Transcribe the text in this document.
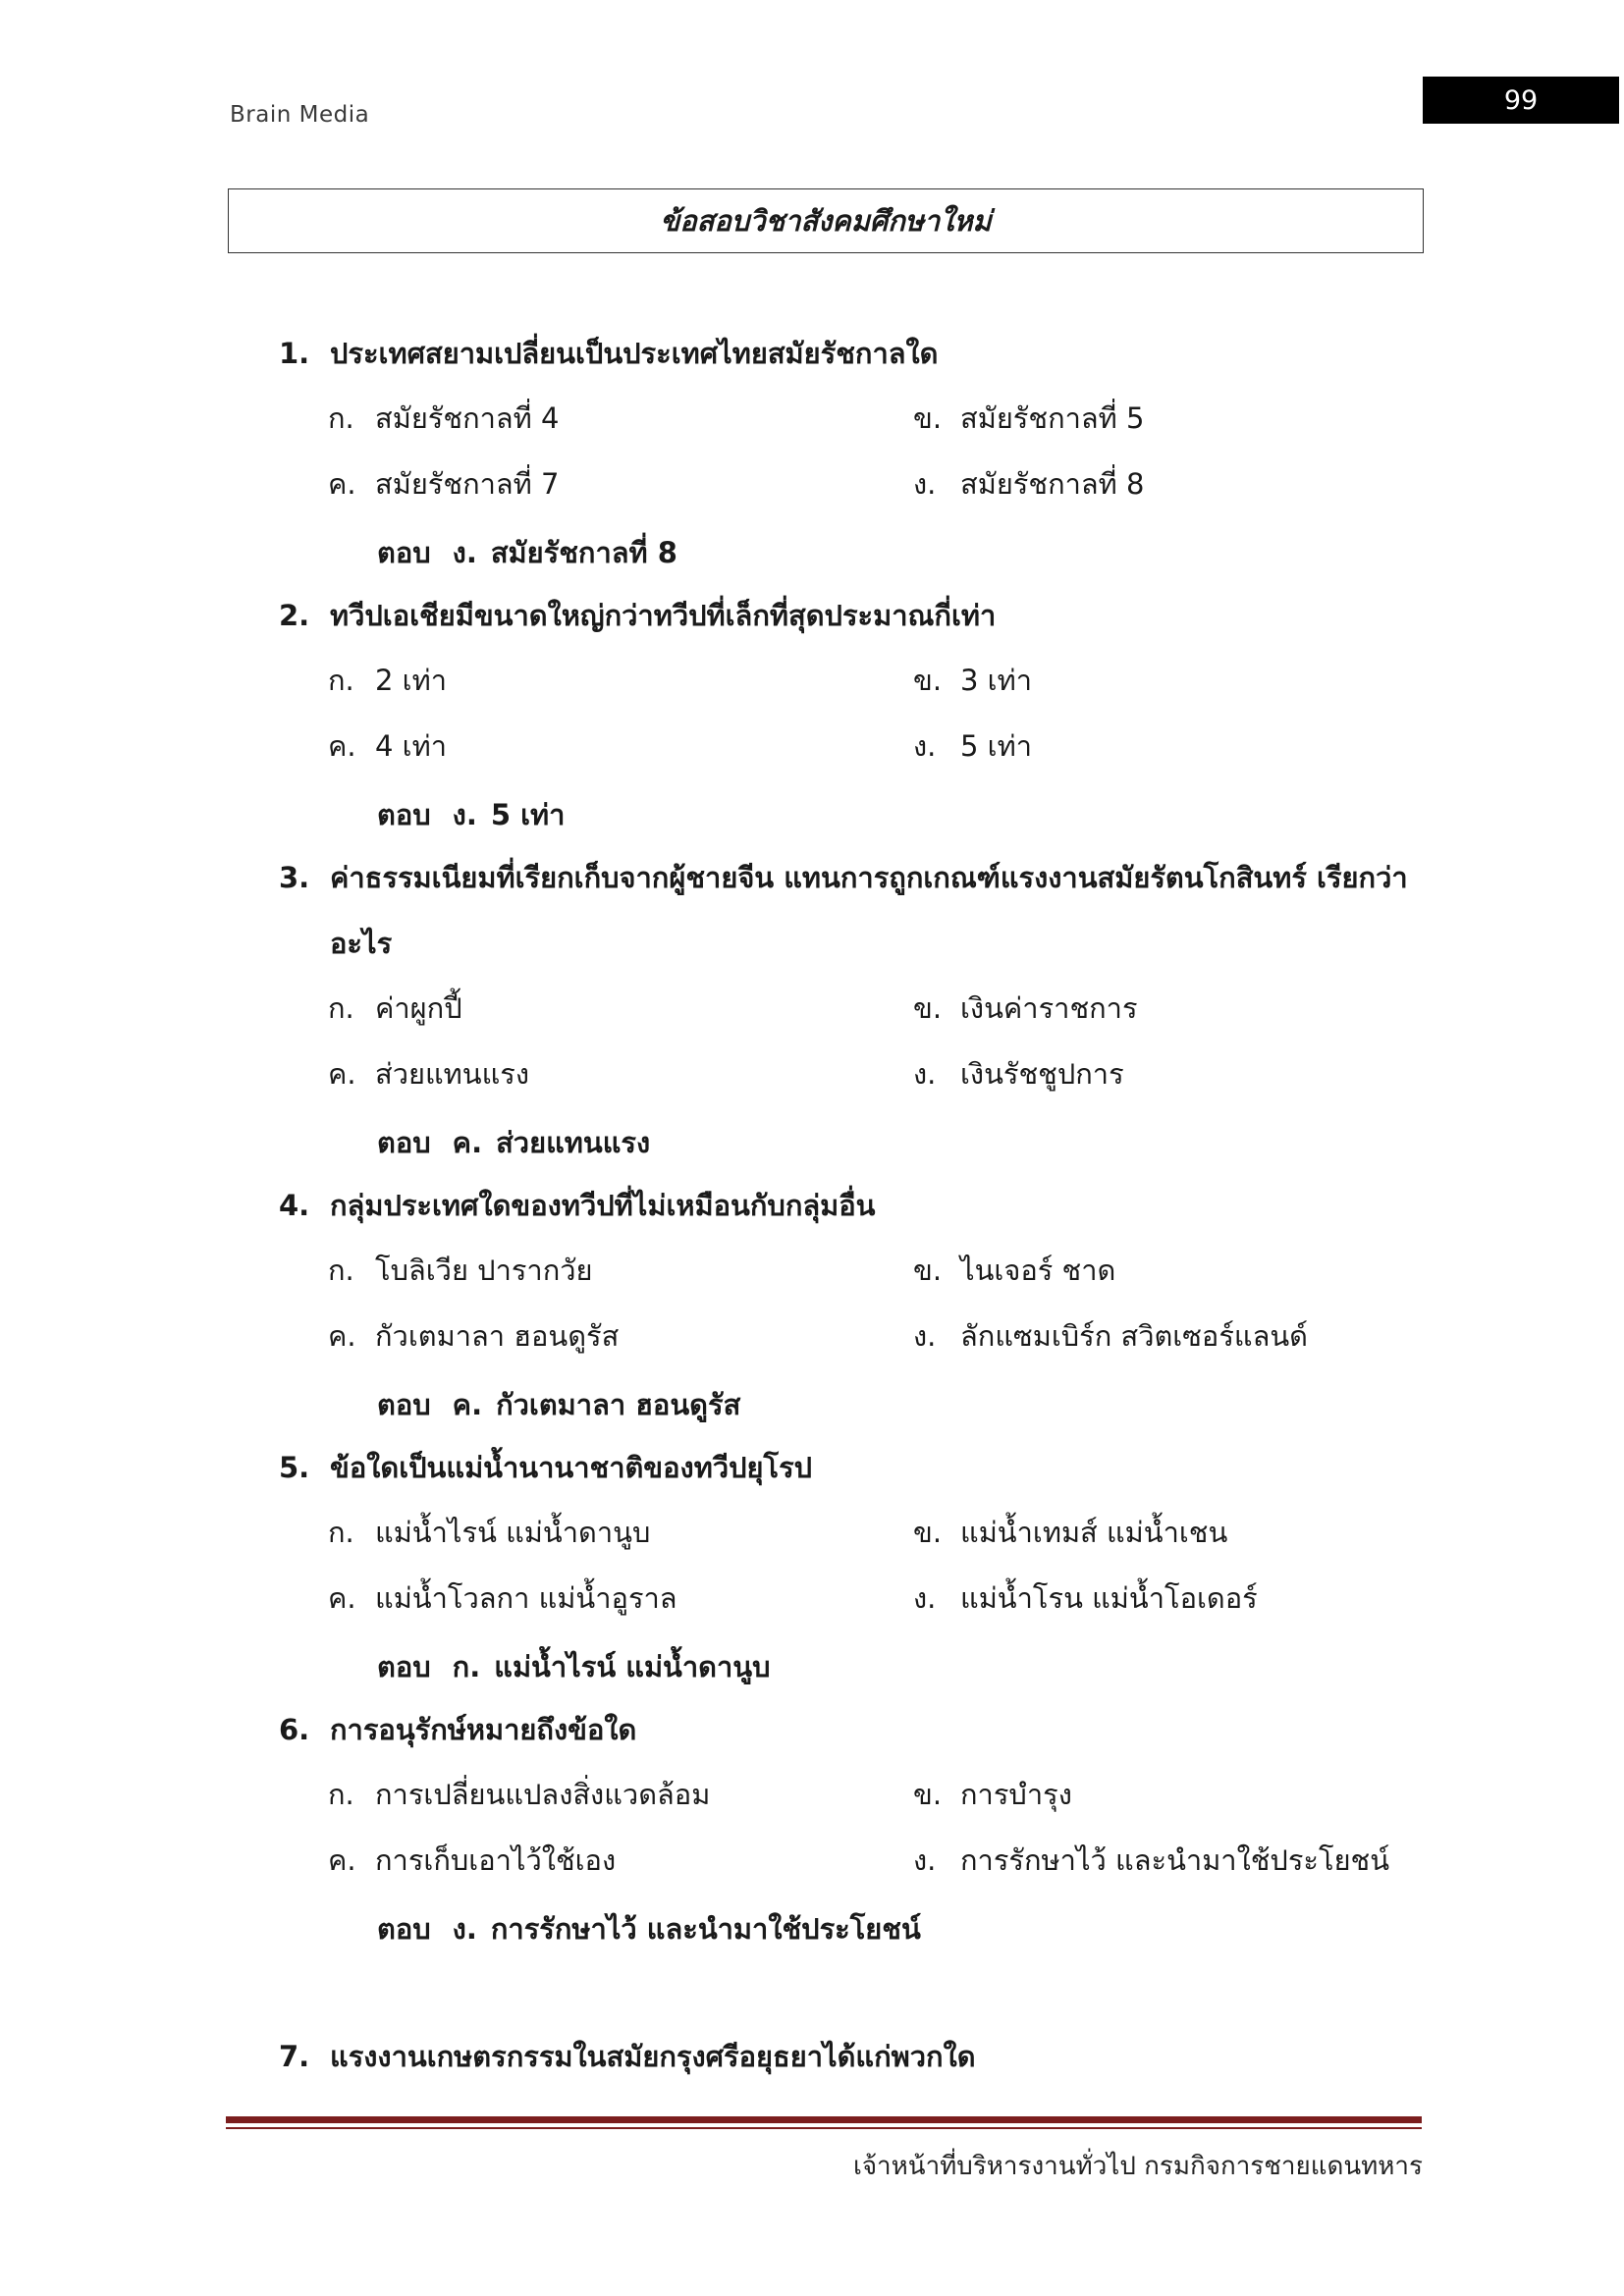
Brain Media	99
ข้อสอบวิชาสังคมศึกษาใหม่
1. ประเทศสยามเปลี่ยนเป็นประเทศไทยสมัยรัชกาลใด
ก. สมัยรัชกาลที่ 4	ข. สมัยรัชกาลที่ 5
ค. สมัยรัชกาลที่ 7	ง. สมัยรัชกาลที่ 8
ตอบ ง. สมัยรัชกาลที่ 8
2. ทวีปเอเชียมีขนาดใหญ่กว่าทวีปที่เล็กที่สุดประมาณกี่เท่า
ก. 2 เท่า	ข. 3 เท่า
ค. 4 เท่า	ง. 5 เท่า
ตอบ ง. 5 เท่า
3. ค่าธรรมเนียมที่เรียกเก็บจากผู้ชายจีน แทนการถูกเกณฑ์แรงงานสมัยรัตนโกสินทร์ เรียกว่าอะไร
ก. ค่าผูกปี้	ข. เงินค่าราชการ
ค. ส่วยแทนแรง	ง. เงินรัชชูปการ
ตอบ ค. ส่วยแทนแรง
4. กลุ่มประเทศใดของทวีปที่ไม่เหมือนกับกลุ่มอื่น
ก. โบลิเวีย ปารากวัย	ข. ไนเจอร์ ชาด
ค. กัวเตมาลา ฮอนดูรัส	ง. ลักแซมเบิร์ก สวิตเซอร์แลนด์
ตอบ ค. กัวเตมาลา ฮอนดูรัส
5. ข้อใดเป็นแม่น้ำนานาชาติของทวีปยุโรป
ก. แม่น้ำไรน์ แม่น้ำดานูบ	ข. แม่น้ำเทมส์ แม่น้ำเชน
ค. แม่น้ำโวลกา แม่น้ำอูราล	ง. แม่น้ำโรน แม่น้ำโอเดอร์
ตอบ ก. แม่น้ำไรน์ แม่น้ำดานูบ
6. การอนุรักษ์หมายถึงข้อใด
ก. การเปลี่ยนแปลงสิ่งแวดล้อม	ข. การบำรุง
ค. การเก็บเอาไว้ใช้เอง	ง. การรักษาไว้ และนำมาใช้ประโยชน์
ตอบ ง. การรักษาไว้ และนำมาใช้ประโยชน์
7. แรงงานเกษตรกรรมในสมัยกรุงศรีอยุธยาได้แก่พวกใด
เจ้าหน้าที่บริหารงานทั่วไป กรมกิจการชายแดนทหาร
